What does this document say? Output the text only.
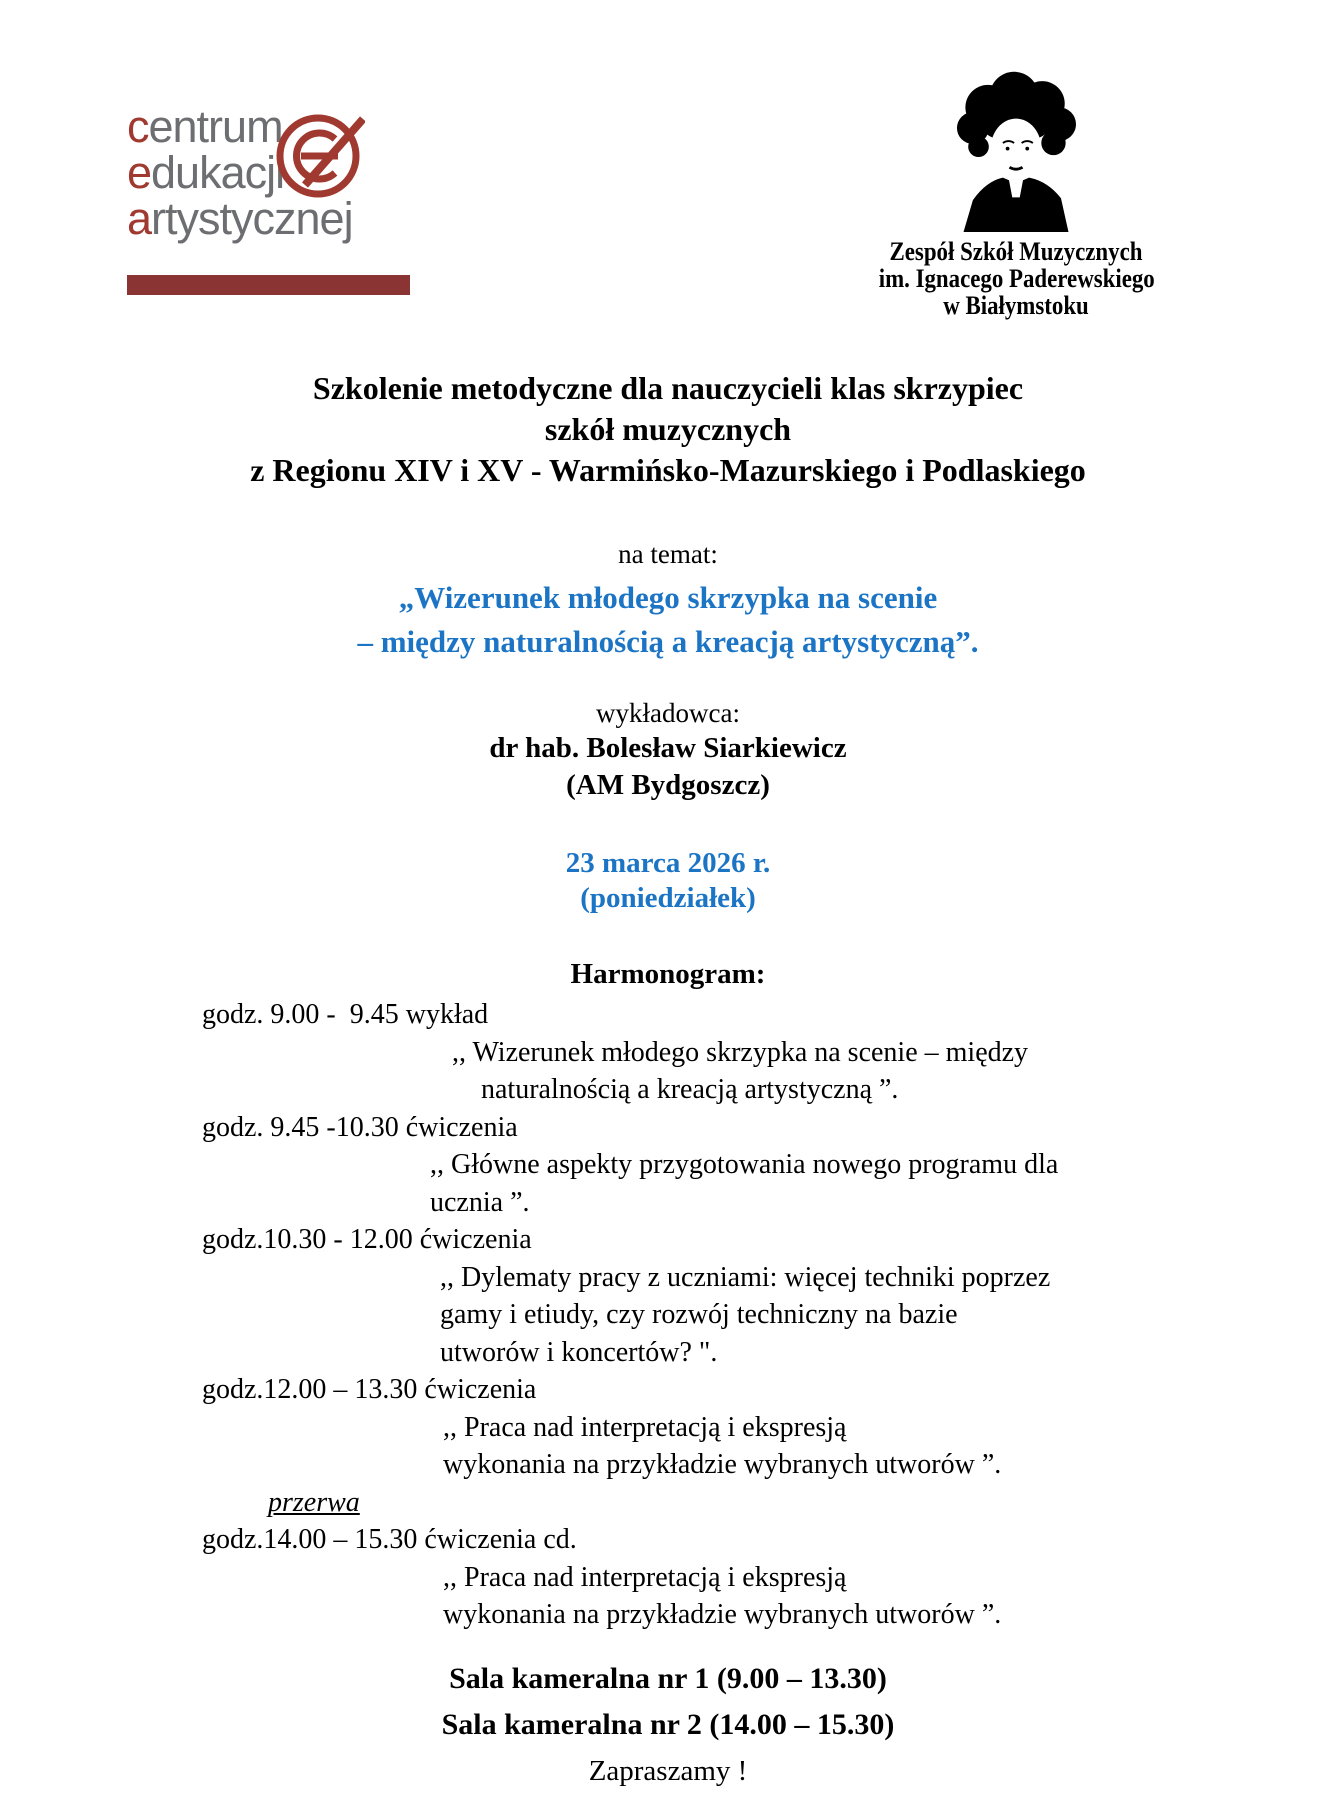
centrum
edukacji
artystycznej
Zespół Szkół Muzycznych
im. Ignacego Paderewskiego
w Białymstoku
Szkolenie metodyczne dla nauczycieli klas skrzypiec
szkół muzycznych
z Regionu XIV i XV - Warmińsko-Mazurskiego i Podlaskiego
na temat:
„Wizerunek młodego skrzypka na scenie
– między naturalnością a kreacją artystyczną”.
wykładowca:
dr hab. Bolesław Siarkiewicz
(AM Bydgoszcz)
23 marca 2026 r.
(poniedziałek)
Harmonogram:
godz. 9.00 -  9.45 wykład
,, Wizerunek młodego skrzypka na scenie – między
naturalnością a kreacją artystyczną ”.
godz. 9.45 -10.30 ćwiczenia
,, Główne aspekty przygotowania nowego programu dla
ucznia ”.
godz.10.30 - 12.00 ćwiczenia
,, Dylematy pracy z uczniami: więcej techniki poprzez
gamy i etiudy, czy rozwój techniczny na bazie
utworów i koncertów? ".
godz.12.00 – 13.30 ćwiczenia
,, Praca nad interpretacją i ekspresją
wykonania na przykładzie wybranych utworów ”.
przerwa
godz.14.00 – 15.30 ćwiczenia cd.
,, Praca nad interpretacją i ekspresją
wykonania na przykładzie wybranych utworów ”.
Sala kameralna nr 1 (9.00 – 13.30)
Sala kameralna nr 2 (14.00 – 15.30)
Zapraszamy !
